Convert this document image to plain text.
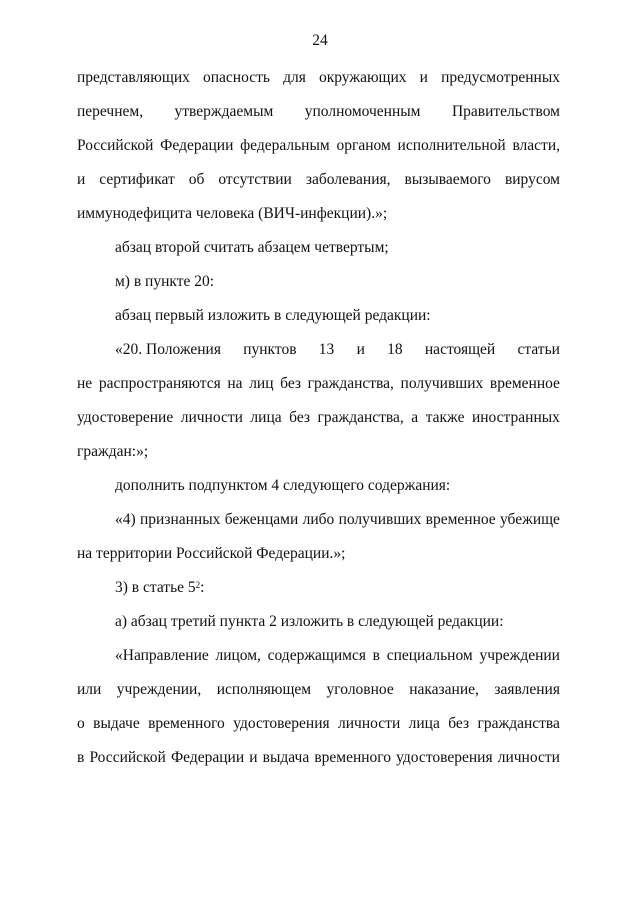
24
представляющих опасность для окружающих и предусмотренных
перечнем, утверждаемым уполномоченным Правительством
Российской Федерации федеральным органом исполнительной власти,
и сертификат об отсутствии заболевания, вызываемого вирусом
иммунодефицита человека (ВИЧ-инфекции).»;
абзац второй считать абзацем четвертым;
м) в пункте 20:
абзац первый изложить в следующей редакции:
«20. Положения пунктов 13 и 18 настоящей статьи
не распространяются на лиц без гражданства, получивших временное
удостоверение личности лица без гражданства, а также иностранных
граждан:»;
дополнить подпунктом 4 следующего содержания:
«4) признанных беженцами либо получивших временное убежище
на территории Российской Федерации.»;
3) в статье $5^2$:
а) абзац третий пункта 2 изложить в следующей редакции:
«Направление лицом, содержащимся в специальном учреждении
или учреждении, исполняющем уголовное наказание, заявления
о выдаче временного удостоверения личности лица без гражданства
в Российской Федерации и выдача временного удостоверения личности
